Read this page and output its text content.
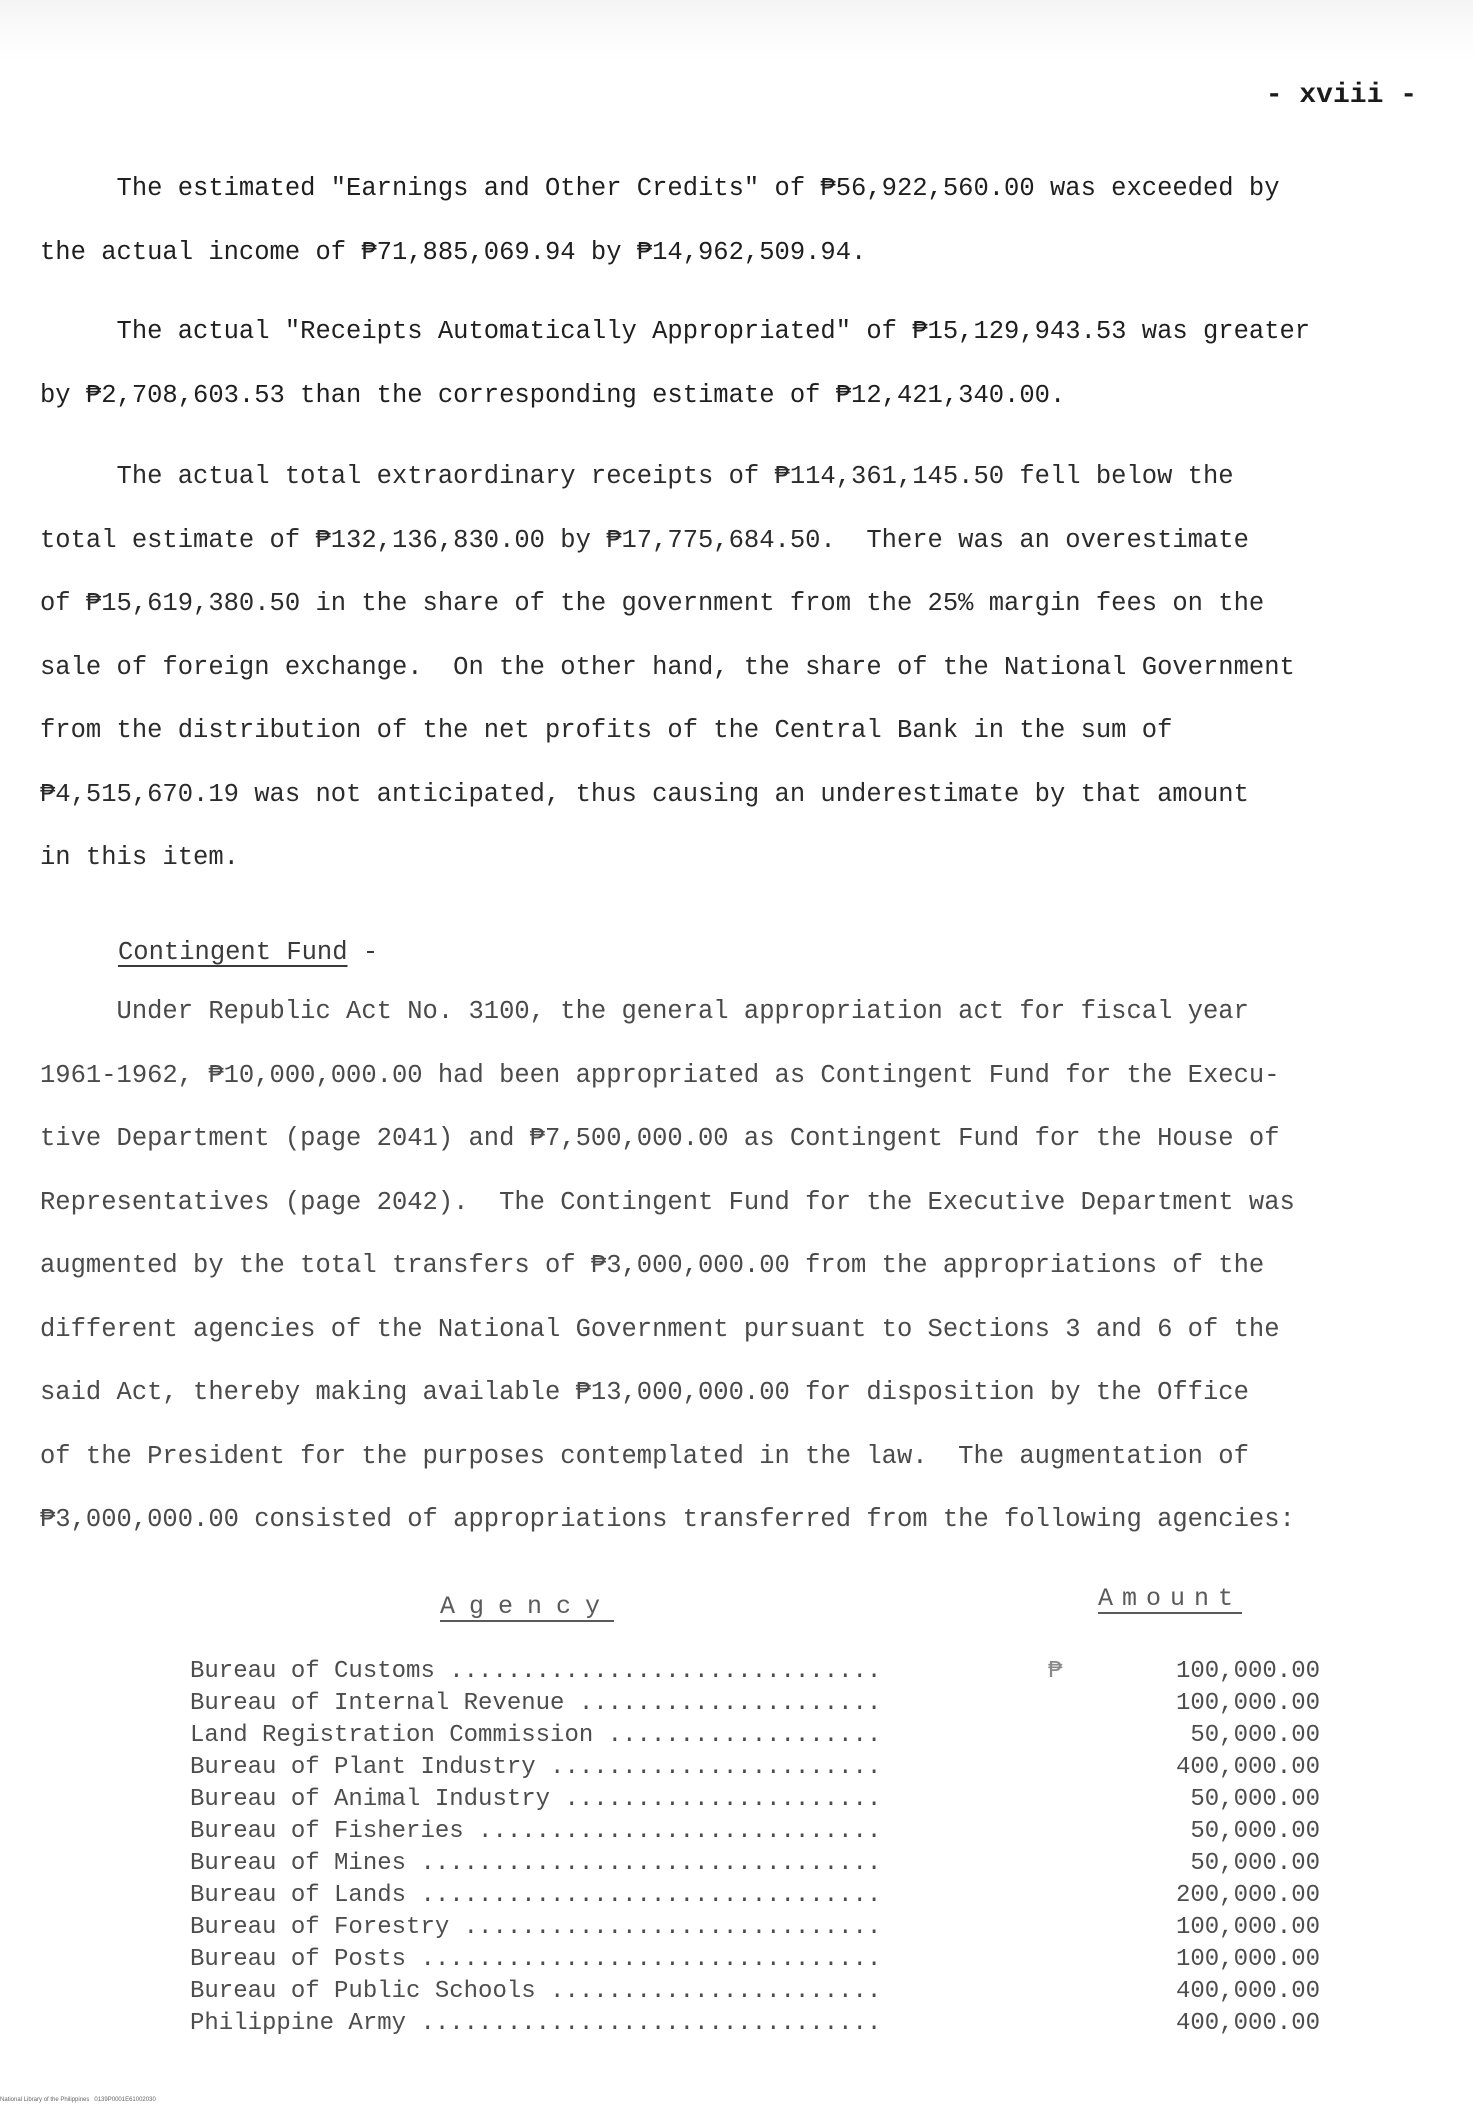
- xviii -

The estimated "Earnings and Other Credits" of ₱56,922,560.00 was exceeded by
the actual income of ₱71,885,069.94 by ₱14,962,509.94.

The actual "Receipts Automatically Appropriated" of ₱15,129,943.53 was greater
by ₱2,708,603.53 than the corresponding estimate of ₱12,421,340.00.

The actual total extraordinary receipts of ₱114,361,145.50 fell below the
total estimate of ₱132,136,830.00 by ₱17,775,684.50.  There was an overestimate
of ₱15,619,380.50 in the share of the government from the 25% margin fees on the
sale of foreign exchange.  On the other hand, the share of the National Government
from the distribution of the net profits of the Central Bank in the sum of
₱4,515,670.19 was not anticipated, thus causing an underestimate by that amount
in this item.

Contingent Fund -

Under Republic Act No. 3100, the general appropriation act for fiscal year
1961-1962, ₱10,000,000.00 had been appropriated as Contingent Fund for the Execu-
tive Department (page 2041) and ₱7,500,000.00 as Contingent Fund for the House of
Representatives (page 2042).  The Contingent Fund for the Executive Department was
augmented by the total transfers of ₱3,000,000.00 from the appropriations of the
different agencies of the National Government pursuant to Sections 3 and 6 of the
said Act, thereby making available ₱13,000,000.00 for disposition by the Office
of the President for the purposes contemplated in the law.  The augmentation of
₱3,000,000.00 consisted of appropriations transferred from the following agencies:

Agency	Amount
Bureau of Customs ..............................	₱	100,000.00
Bureau of Internal Revenue .....................	100,000.00
Land Registration Commission ...................	50,000.00
Bureau of Plant Industry .......................	400,000.00
Bureau of Animal Industry ......................	50,000.00
Bureau of Fisheries ............................	50,000.00
Bureau of Mines ................................	50,000.00
Bureau of Lands ................................	200,000.00
Bureau of Forestry .............................	100,000.00
Bureau of Posts ................................	100,000.00
Bureau of Public Schools .......................	400,000.00
Philippine Army ................................	400,000.00
National Library of the Philippines   0139P0001E61002030
